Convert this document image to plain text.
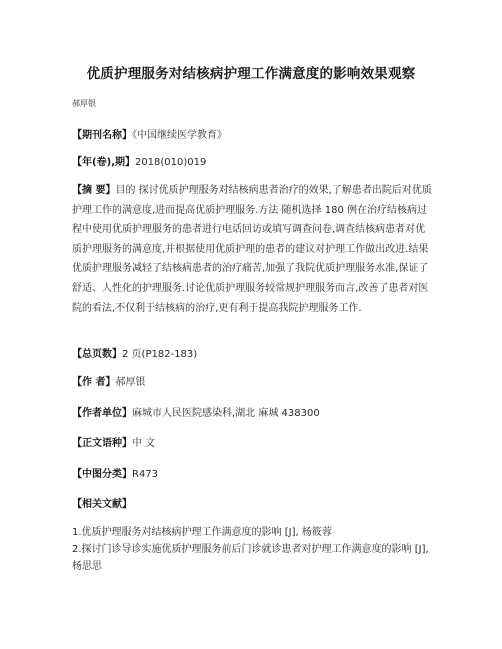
优质护理服务对结核病护理工作满意度的影响效果观察
郝厚银
【期刊名称】《中国继续医学教育》
【年(卷),期】2018(010)019
【摘 要】目的 探讨优质护理服务对结核病患者治疗的效果,了解患者出院后对优质护理工作的满意度,进而提高优质护理服务.方法 随机选择 180 例在治疗结核病过程中使用优质护理服务的患者进行电话回访或填写调查问卷,调查结核病患者对优质护理服务的满意度,并根据使用优质护理的患者的建议对护理工作做出改进.结果 优质护理服务减轻了结核病患者的治疗痛苦,加强了我院优质护理服务水准,保证了舒适、人性化的护理服务.讨论优质护理服务较常规护理服务而言,改善了患者对医院的看法,不仅利于结核病的治疗,更有利于提高我院护理服务工作.
【总页数】2 页(P182-183)
【作 者】郝厚银
【作者单位】麻城市人民医院感染科,湖北 麻城 438300
【正文语种】中 文
【中图分类】R473
【相关文献】
1.优质护理服务对结核病护理工作满意度的影响 [J], 杨筱蓉
2.探讨门诊导诊实施优质护理服务前后门诊就诊患者对护理工作满意度的影响 [J], 杨思思
